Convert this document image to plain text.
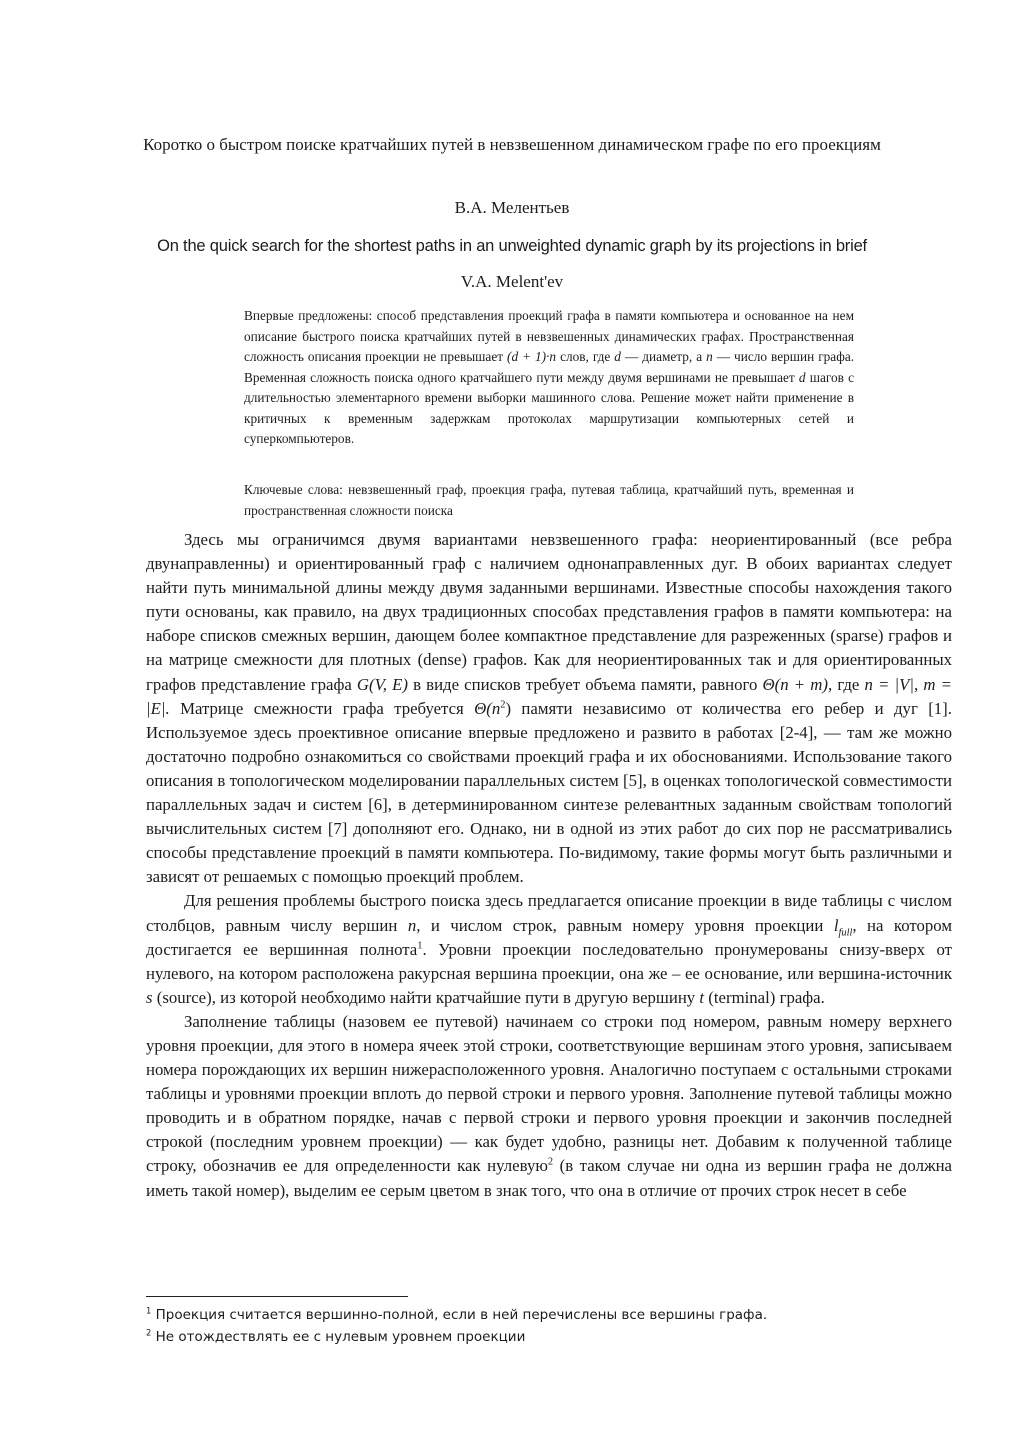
Коротко о быстром поиске кратчайших путей в невзвешенном динамическом графе по его проекциям
В.А. Мелентьев
On the quick search for the shortest paths in an unweighted dynamic graph by its projections in brief
V.A. Melent'ev
Впервые предложены: способ представления проекций графа в памяти компьютера и основанное на нем описание быстрого поиска кратчайших путей в невзвешенных динамических графах. Пространственная сложность описания проекции не превышает (d + 1)·n слов, где d — диаметр, а n — число вершин графа. Временная сложность поиска одного кратчайшего пути между двумя вершинами не превышает d шагов с длительностью элементарного времени выборки машинного слова. Решение может найти применение в критичных к временным задержкам протоколах маршрутизации компьютерных сетей и суперкомпьютеров.
Ключевые слова: невзвешенный граф, проекция графа, путевая таблица, кратчайший путь, временная и пространственная сложности поиска

Здесь мы ограничимся двумя вариантами невзвешенного графа: неориентированный (все ребра двунаправленны) и ориентированный граф с наличием однонаправленных дуг. В обоих вариантах следует найти путь минимальной длины между двумя заданными вершинами. Известные способы нахождения такого пути основаны, как правило, на двух традиционных способах представления графов в памяти компьютера: на наборе списков смежных вершин, дающем более компактное представление для разреженных (sparse) графов и на матрице смежности для плотных (dense) графов. Как для неориентированных так и для ориентированных графов представление графа G(V, E) в виде списков требует объема памяти, равного Θ(n + m), где n = |V|, m = |E|. Матрице смежности графа требуется $\Theta(n^2)$ памяти независимо от количества его ребер и дуг [1]. Используемое здесь проективное описание впервые предложено и развито в работах [2-4], — там же можно достаточно подробно ознакомиться со свойствами проекций графа и их обоснованиями. Использование такого описания в топологическом моделировании параллельных систем [5], в оценках топологической совместимости параллельных задач и систем [6], в детерминированном синтезе релевантных заданным свойствам топологий вычислительных систем [7] дополняют его. Однако, ни в одной из этих работ до сих пор не рассматривались способы представление проекций в памяти компьютера. По-видимому, такие формы могут быть различными и зависят от решаемых с помощью проекций проблем.

Для решения проблемы быстрого поиска здесь предлагается описание проекции в виде таблицы с числом столбцов, равным числу вершин n, и числом строк, равным номеру уровня проекции $l_{full}$, на котором достигается ее вершинная полнота$^1$. Уровни проекции последовательно пронумерованы снизу-вверх от нулевого, на котором расположена ракурсная вершина проекции, она же – ее основание, или вершина-источник s (source), из которой необходимо найти кратчайшие пути в другую вершину t (terminal) графа.

Заполнение таблицы (назовем ее путевой) начинаем со строки под номером, равным номеру верхнего уровня проекции, для этого в номера ячеек этой строки, соответствующие вершинам этого уровня, записываем номера порождающих их вершин нижерасположенного уровня. Аналогично поступаем с остальными строками таблицы и уровнями проекции вплоть до первой строки и первого уровня. Заполнение путевой таблицы можно проводить и в обратном порядке, начав с первой строки и первого уровня проекции и закончив последней строкой (последним уровнем проекции) — как будет удобно, разницы нет. Добавим к полученной таблице строку, обозначив ее для определенности как нулевую$^2$ (в таком случае ни одна из вершин графа не должна иметь такой номер), выделим ее серым цветом в знак того, что она в отличие от прочих строк несет в себе

$^1$ Проекция считается вершинно-полной, если в ней перечислены все вершины графа.
$^2$ Не отождествлять ее с нулевым уровнем проекции
